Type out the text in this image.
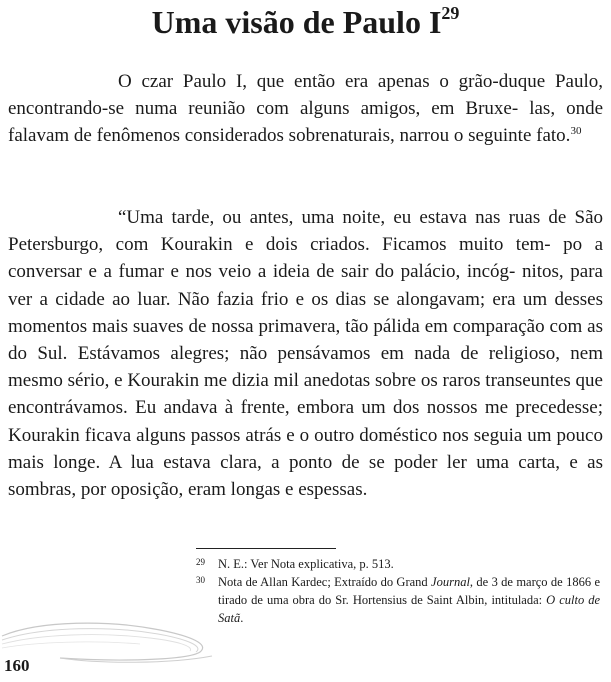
Uma visão de Paulo $I^{29}$

O czar Paulo I, que então era apenas o grão-duque Paulo, encontrando-se numa reunião com alguns amigos, em Bruxe- las, onde falavam de fenômenos considerados sobrenaturais, narrou o seguinte fato.$^{30}$

“Uma tarde, ou antes, uma noite, eu estava nas ruas de São Petersburgo, com Kourakin e dois criados. Ficamos muito tem- po a conversar e a fumar e nos veio a ideia de sair do palácio, incóg- nitos, para ver a cidade ao luar. Não fazia frio e os dias se alongavam; era um desses momentos mais suaves de nossa primavera, tão pálida em comparação com as do Sul. Estávamos alegres; não pensávamos em nada de religioso, nem mesmo sério, e Kourakin me dizia mil anedotas sobre os raros transeuntes que encontrávamos. Eu andava à frente, embora um dos nossos me precedesse; Kourakin ficava alguns passos atrás e o outro doméstico nos seguia um pouco mais longe. A lua estava clara, a ponto de se poder ler uma carta, e as sombras, por oposição, eram longas e espessas.

29	N. E.: Ver Nota explicativa, p. 513.
30	Nota de Allan Kardec; Extraído do Grand Journal, de 3 de março de 1866 e tirado de uma obra do Sr. Hortensius de Saint Albin, intitulada: O culto de Satã.
160
